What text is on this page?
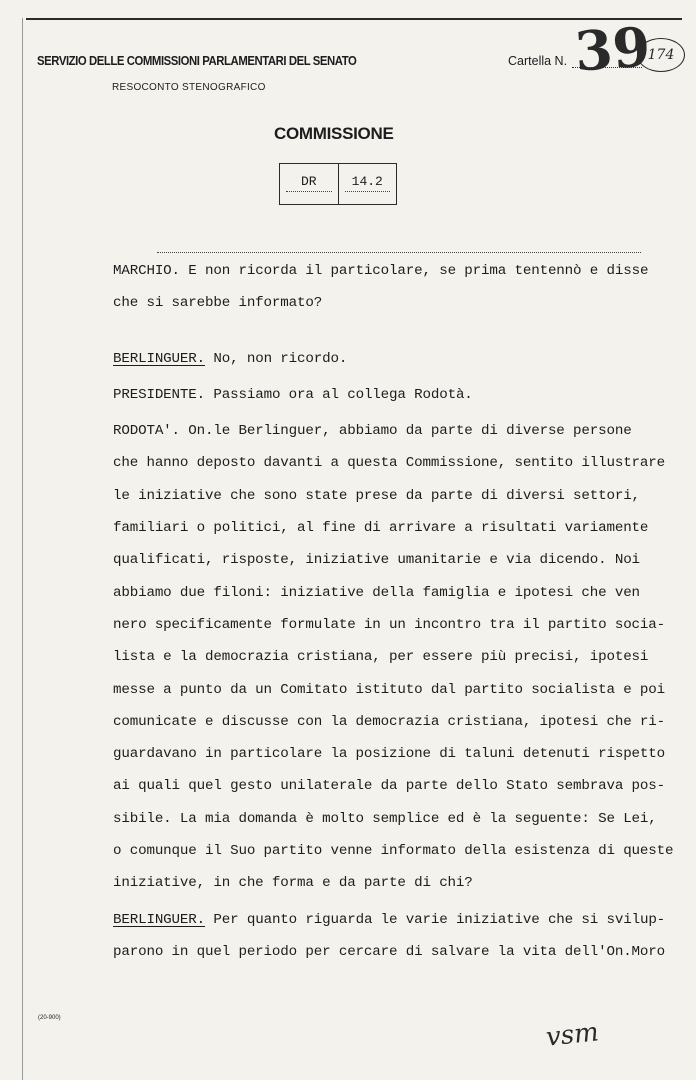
SERVIZIO DELLE COMMISSIONI PARLAMENTARI DEL SENATO
RESOCONTO STENOGRAFICO
Cartella N. 39
174
COMMISSIONE
DR	14.2
MARCHIO. E non ricorda il particolare, se prima tentennò e disse
che si sarebbe informato?
BERLINGUER. No, non ricordo.
PRESIDENTE. Passiamo ora al collega Rodotà.
RODOTA'. On.le Berlinguer, abbiamo da parte di diverse persone
che hanno deposto davanti a questa Commissione, sentito illustrare
le iniziative che sono state prese da parte di diversi settori,
familiari o politici, al fine di arrivare a risultati variamente
qualificati, risposte, iniziative umanitarie e via dicendo. Noi
abbiamo due filoni: iniziative della famiglia e ipotesi che ven
nero specificamente formulate in un incontro tra il partito socia-
lista e la democrazia cristiana, per essere più precisi, ipotesi
messe a punto da un Comitato istituto dal partito socialista e poi
comunicate e discusse con la democrazia cristiana, ipotesi che ri-
guardavano in particolare la posizione di taluni detenuti rispetto
ai quali quel gesto unilaterale da parte dello Stato sembrava pos-
sibile. La mia domanda è molto semplice ed è la seguente: Se Lei,
o comunque il Suo partito venne informato della esistenza di queste
iniziative, in che forma e da parte di chi?
BERLINGUER. Per quanto riguarda le varie iniziative che si svilup-
parono in quel periodo per cercare di salvare la vita dell'On.Moro
(20-900)	vsm
